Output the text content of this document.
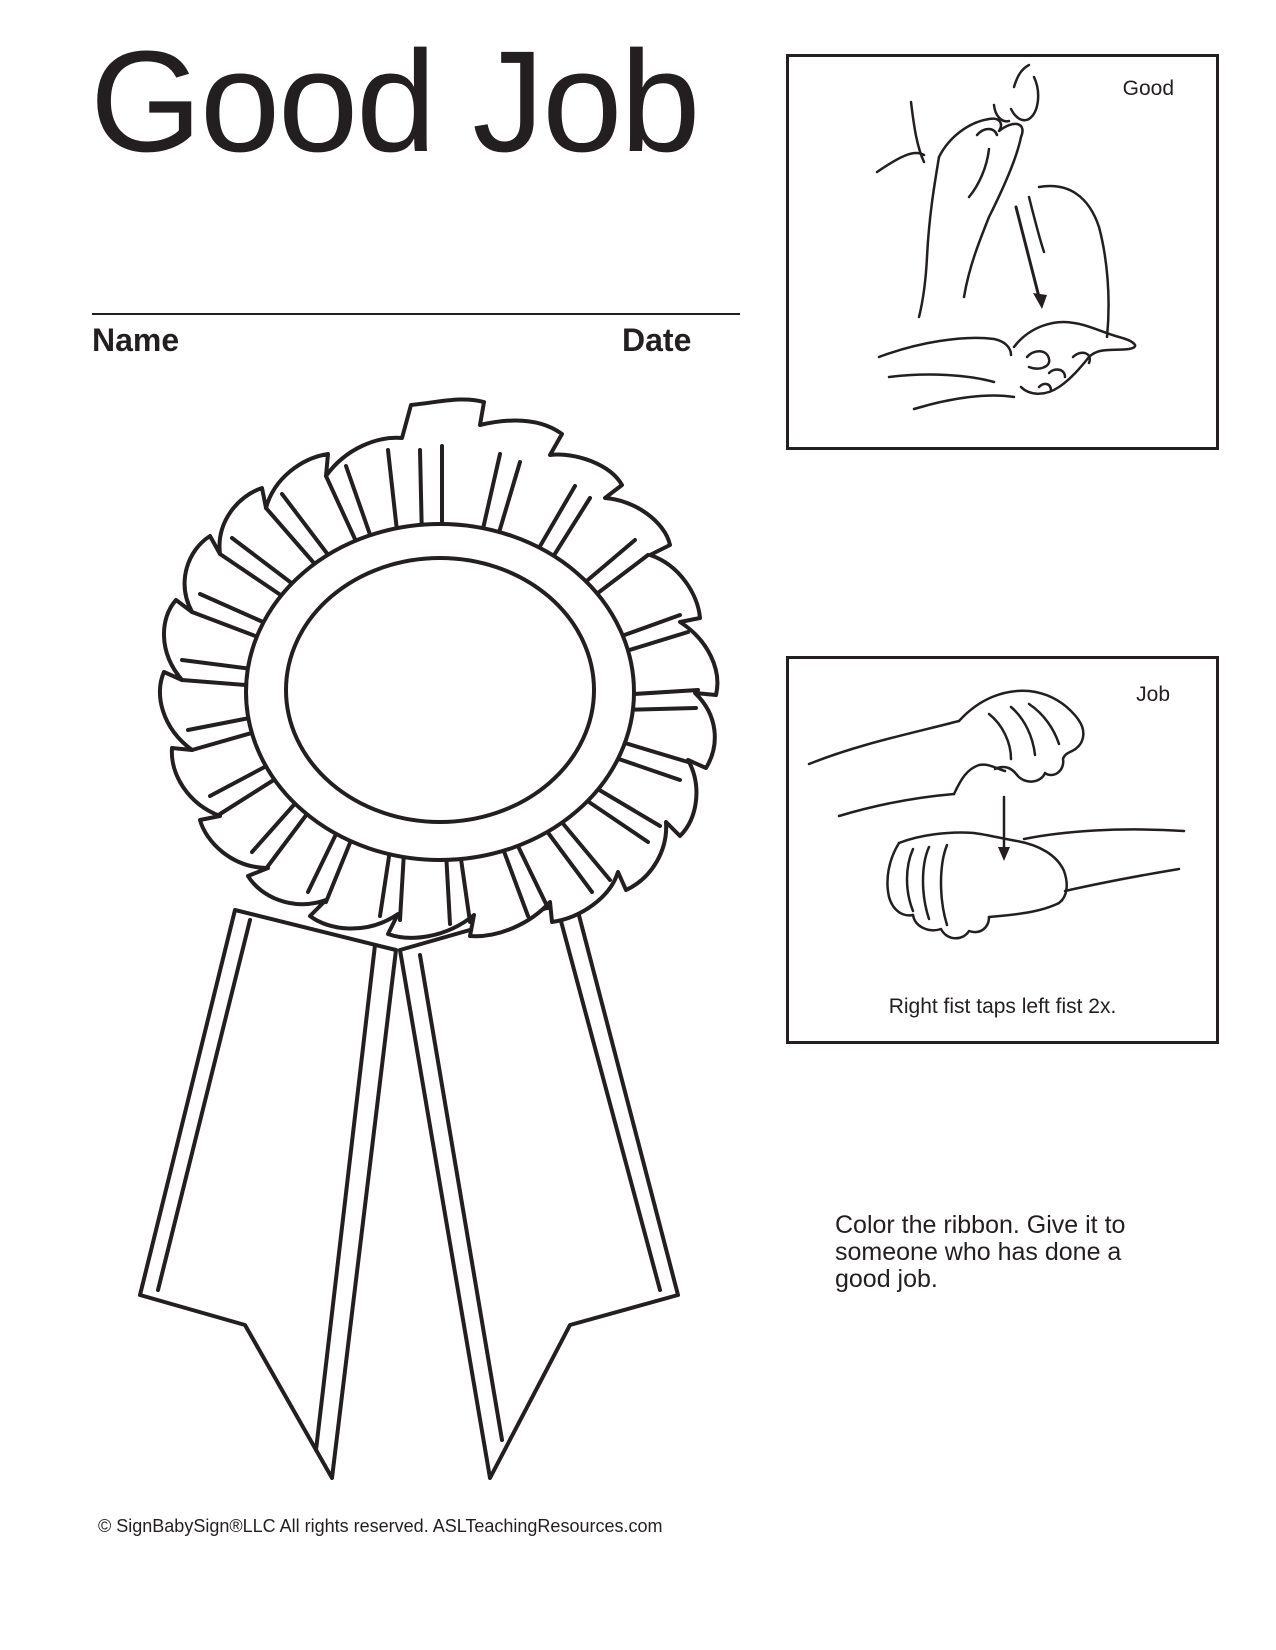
Good Job
Name	Date
Good
Job
Right fist taps left fist 2x.
Color the ribbon. Give it to
someone who has done a
good job.
© SignBabySign®LLC All rights reserved. ASLTeachingResources.com
